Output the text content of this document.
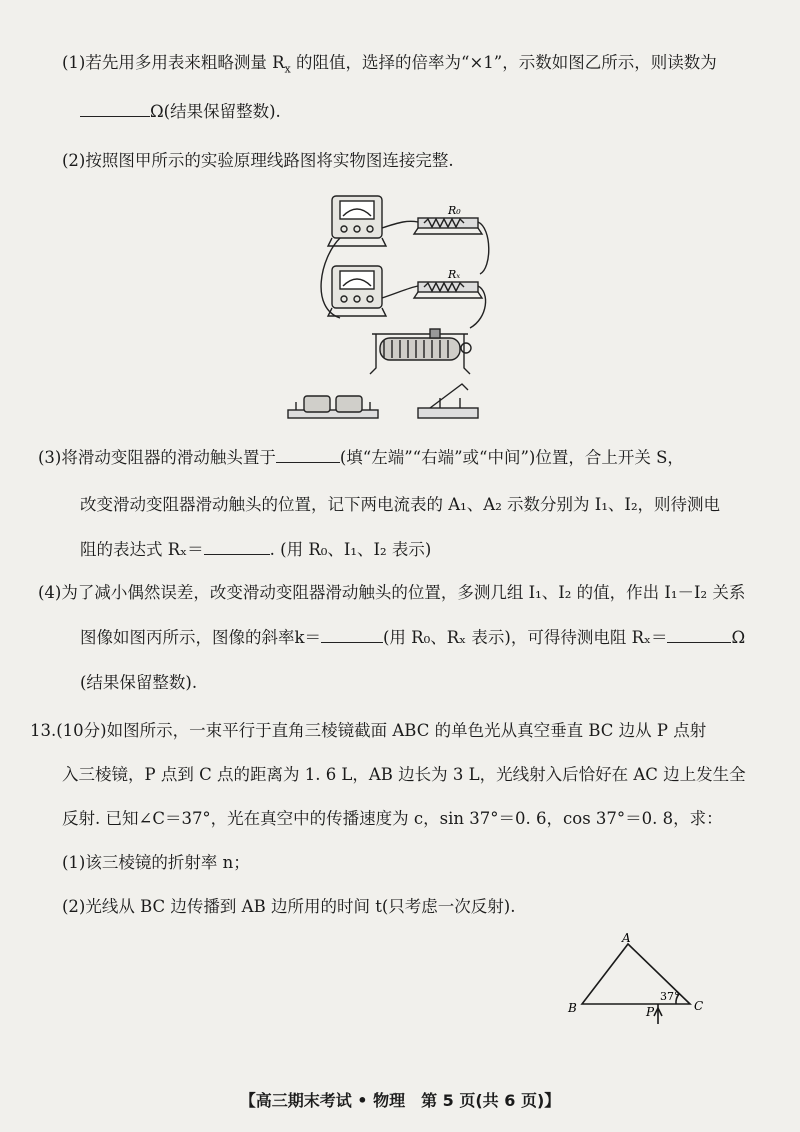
(1)若先用多用表来粗略测量 $R_x$ 的阻值，选择的倍率为“×1”，示数如图乙所示，则读数为
Ω(结果保留整数).
(2)按照图甲所示的实验原理线路图将实物图连接完整.
R₀
Rₓ
(3)将滑动变阻器的滑动触头置于	(填“左端”“右端”或“中间”)位置，合上开关 S，
改变滑动变阻器滑动触头的位置，记下两电流表的 A₁、A₂ 示数分别为 I₁、I₂，则待测电
阻的表达式 Rₓ＝	. (用 R₀、I₁、I₂ 表示)
(4)为了减小偶然误差，改变滑动变阻器滑动触头的位置，多测几组 I₁、I₂ 的值，作出 I₁－I₂ 关系
图像如图丙所示，图像的斜率k＝	(用 R₀、Rₓ 表示)，可得待测电阻 Rₓ＝	Ω
(结果保留整数).
13.(10分)如图所示，一束平行于直角三棱镜截面 ABC 的单色光从真空垂直 BC 边从 P 点射
入三棱镜，P 点到 C 点的距离为 1. 6 L，AB 边长为 3 L，光线射入后恰好在 AC 边上发生全
反射. 已知∠C＝37°，光在真空中的传播速度为 c，sin 37°＝0. 6，cos 37°＝0. 8，求：
(1)该三棱镜的折射率 n；
(2)光线从 BC 边传播到 AB 边所用的时间 t(只考虑一次反射).
A
B	C
P
37°
【高三期末考试 • 物理　第 5 页(共 6 页)】
